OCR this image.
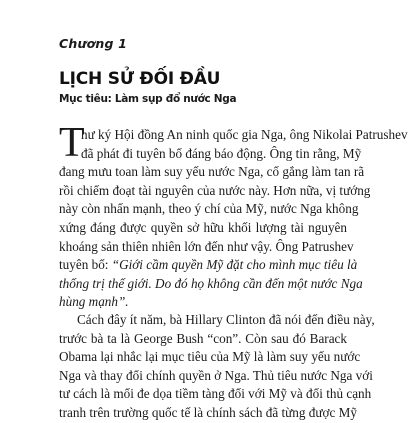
Chương 1
LỊCH SỬ ĐỐI ĐẦU
Mục tiêu: Làm sụp đổ nước Nga
T
hư ký Hội đồng An ninh quốc gia Nga, ông Nikolai Patrushev
đã phát đi tuyên bố đáng báo động. Ông tin rằng, Mỹ
đang mưu toan làm suy yếu nước Nga, cố gắng làm tan rã
rồi chiếm đoạt tài nguyên của nước này. Hơn nữa, vị tướng
này còn nhấn mạnh, theo ý chí của Mỹ, nước Nga không
xứng đáng được quyền sở hữu khối lượng tài nguyên
khoáng sản thiên nhiên lớn đến như vậy. Ông Patrushev
tuyên bố: “Giới cầm quyền Mỹ đặt cho mình mục tiêu là
thống trị thế giới. Do đó họ không cần đến một nước Nga
hùng mạnh”.
Cách đây ít năm, bà Hillary Clinton đã nói đến điều này,
trước bà ta là George Bush “con”. Còn sau đó Barack
Obama lại nhắc lại mục tiêu của Mỹ là làm suy yếu nước
Nga và thay đổi chính quyền ở Nga. Thủ tiêu nước Nga với
tư cách là mối đe dọa tiềm tàng đối với Mỹ và đối thủ cạnh
tranh trên trường quốc tế là chính sách đã từng được Mỹ
